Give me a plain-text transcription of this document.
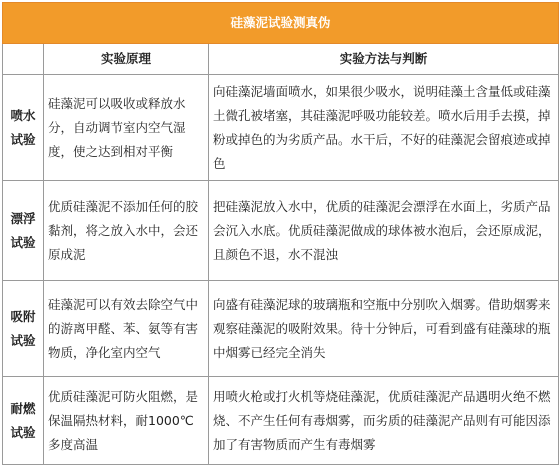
硅藻泥试验测真伪		
	实验原理	实验方法与判断

喷水
试验	硅藻泥可以吸收或释放水分，自动调节室内空气湿度，使之达到相对平衡	向硅藻泥墙面喷水，如果很少吸水，说明硅藻土含量低或硅藻土微孔被堵塞，其硅藻泥呼吸功能较差。喷水后用手去摸，掉粉或掉色的为劣质产品。水干后，不好的硅藻泥会留痕迹或掉色

漂浮
试验	优质硅藻泥不添加任何的胶黏剂，将之放入水中，会还原成泥	把硅藻泥放入水中，优质的硅藻泥会漂浮在水面上，劣质产品会沉入水底。优质硅藻泥做成的球体被水泡后，会还原成泥，且颜色不退，水不混浊

吸附
试验	硅藻泥可以有效去除空气中的游离甲醛、苯、氨等有害物质，净化室内空气	向盛有硅藻泥球的玻璃瓶和空瓶中分别吹入烟雾。借助烟雾来观察硅藻泥的吸附效果。待十分钟后，可看到盛有硅藻球的瓶中烟雾已经完全消失

耐燃
试验	优质硅藻泥可防火阻燃，是保温隔热材料，耐1000℃多度高温	用喷火枪或打火机等烧硅藻泥，优质硅藻泥产品遇明火绝不燃烧、不产生任何有毒烟雾，而劣质的硅藻泥产品则有可能因添加了有害物质而产生有毒烟雾
